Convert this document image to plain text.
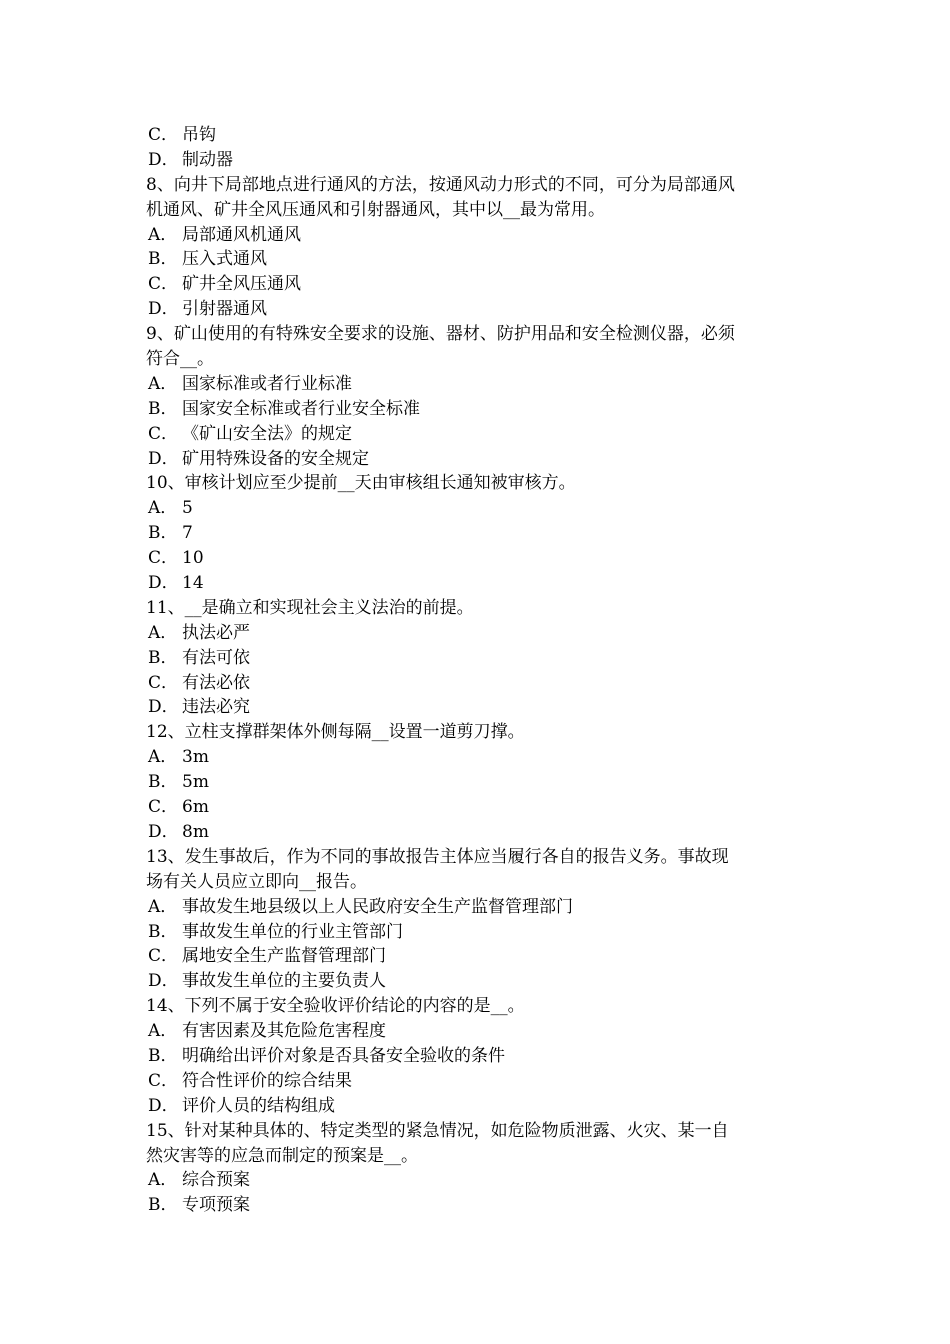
C． 吊钩
D． 制动器
8、向井下局部地点进行通风的方法，按通风动力形式的不同，可分为局部通风
机通风、矿井全风压通风和引射器通风，其中以__最为常用。
A． 局部通风机通风
B． 压入式通风
C． 矿井全风压通风
D． 引射器通风
9、矿山使用的有特殊安全要求的设施、器材、防护用品和安全检测仪器，必须
符合__。
A． 国家标准或者行业标准
B． 国家安全标准或者行业安全标准
C． 《矿山安全法》的规定
D． 矿用特殊设备的安全规定
10、审核计划应至少提前__天由审核组长通知被审核方。
A． 5
B． 7
C． 10
D． 14
11、__是确立和实现社会主义法治的前提。
A． 执法必严
B． 有法可依
C． 有法必依
D． 违法必究
12、立柱支撑群架体外侧每隔__设置一道剪刀撑。
A． 3m
B． 5m
C． 6m
D． 8m
13、发生事故后，作为不同的事故报告主体应当履行各自的报告义务。事故现
场有关人员应立即向__报告。
A． 事故发生地县级以上人民政府安全生产监督管理部门
B． 事故发生单位的行业主管部门
C． 属地安全生产监督管理部门
D． 事故发生单位的主要负责人
14、下列不属于安全验收评价结论的内容的是__。
A． 有害因素及其危险危害程度
B． 明确给出评价对象是否具备安全验收的条件
C． 符合性评价的综合结果
D． 评价人员的结构组成
15、针对某种具体的、特定类型的紧急情况，如危险物质泄露、火灾、某一自
然灾害等的应急而制定的预案是__。
A． 综合预案
B． 专项预案
